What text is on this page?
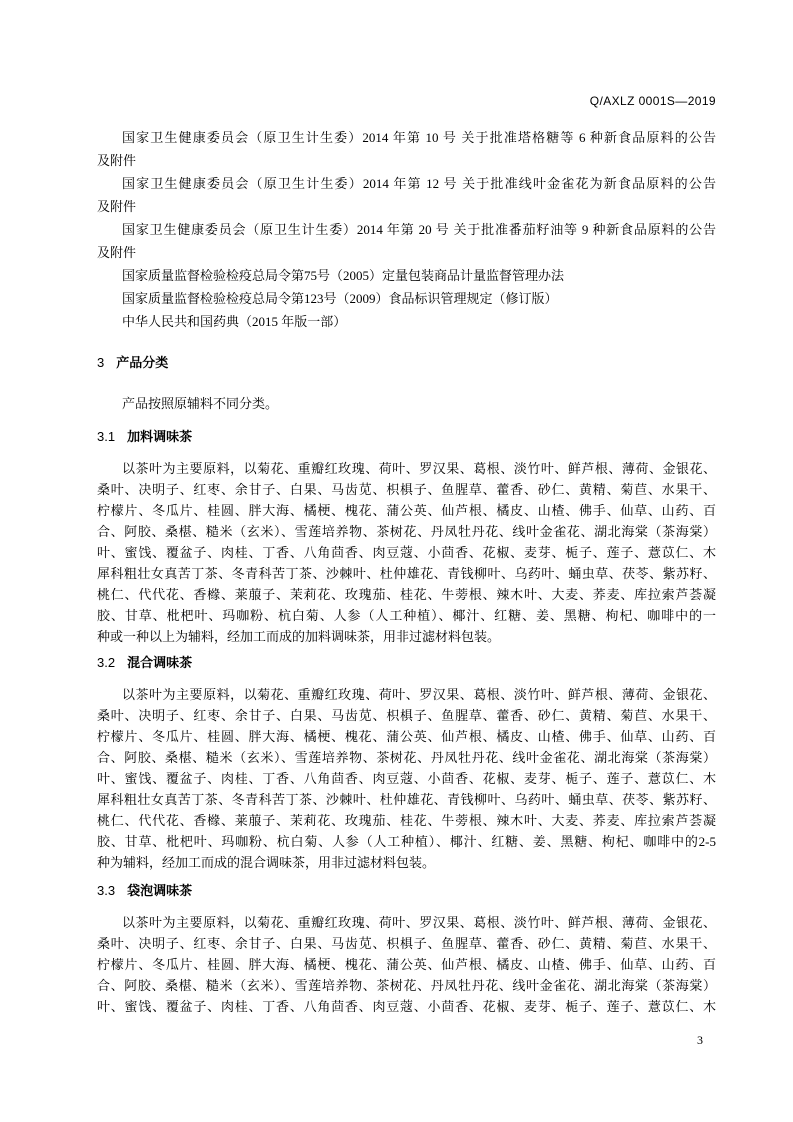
Q/AXLZ 0001S—2019
国家卫生健康委员会（原卫生计生委）2014 年第 10 号 关于批准塔格糖等 6 种新食品原料的公告
及附件
国家卫生健康委员会（原卫生计生委）2014 年第 12 号 关于批准线叶金雀花为新食品原料的公告
及附件
国家卫生健康委员会（原卫生计生委）2014 年第 20 号 关于批准番茄籽油等 9 种新食品原料的公告
及附件
国家质量监督检验检疫总局令第75号（2005）定量包装商品计量监督管理办法
国家质量监督检验检疫总局令第123号（2009）食品标识管理规定（修订版）
中华人民共和国药典（2015 年版一部）
3 产品分类
产品按照原辅料不同分类。
3.1 加料调味茶
以茶叶为主要原料，以菊花、重瓣红玫瑰、荷叶、罗汉果、葛根、淡竹叶、鲜芦根、薄荷、金银花、
桑叶、决明子、红枣、余甘子、白果、马齿苋、枳椇子、鱼腥草、藿香、砂仁、黄精、菊苣、水果干、
柠檬片、冬瓜片、桂圆、胖大海、橘梗、槐花、蒲公英、仙芦根、橘皮、山楂、佛手、仙草、山药、百
合、阿胶、桑椹、糙米（玄米）、雪莲培养物、茶树花、丹凤牡丹花、线叶金雀花、湖北海棠（茶海棠）
叶、蜜饯、覆盆子、肉桂、丁香、八角茴香、肉豆蔻、小茴香、花椒、麦芽、栀子、莲子、薏苡仁、木
犀科粗壮女真苦丁茶、冬青科苦丁茶、沙棘叶、杜仲雄花、青钱柳叶、乌药叶、蛹虫草、茯苓、紫苏籽、
桃仁、代代花、香橼、莱菔子、茉莉花、玫瑰茄、桂花、牛蒡根、辣木叶、大麦、荞麦、库拉索芦荟凝
胶、甘草、枇杷叶、玛咖粉、杭白菊、人参（人工种植）、椰汁、红糖、姜、黑糖、枸杞、咖啡中的一
种或一种以上为辅料，经加工而成的加料调味茶，用非过滤材料包装。
3.2 混合调味茶
以茶叶为主要原料，以菊花、重瓣红玫瑰、荷叶、罗汉果、葛根、淡竹叶、鲜芦根、薄荷、金银花、
桑叶、决明子、红枣、余甘子、白果、马齿苋、枳椇子、鱼腥草、藿香、砂仁、黄精、菊苣、水果干、
柠檬片、冬瓜片、桂圆、胖大海、橘梗、槐花、蒲公英、仙芦根、橘皮、山楂、佛手、仙草、山药、百
合、阿胶、桑椹、糙米（玄米）、雪莲培养物、茶树花、丹凤牡丹花、线叶金雀花、湖北海棠（茶海棠）
叶、蜜饯、覆盆子、肉桂、丁香、八角茴香、肉豆蔻、小茴香、花椒、麦芽、栀子、莲子、薏苡仁、木
犀科粗壮女真苦丁茶、冬青科苦丁茶、沙棘叶、杜仲雄花、青钱柳叶、乌药叶、蛹虫草、茯苓、紫苏籽、
桃仁、代代花、香橼、莱菔子、茉莉花、玫瑰茄、桂花、牛蒡根、辣木叶、大麦、荞麦、库拉索芦荟凝
胶、甘草、枇杷叶、玛咖粉、杭白菊、人参（人工种植）、椰汁、红糖、姜、黑糖、枸杞、咖啡中的2-5
种为辅料，经加工而成的混合调味茶，用非过滤材料包装。
3.3 袋泡调味茶
以茶叶为主要原料，以菊花、重瓣红玫瑰、荷叶、罗汉果、葛根、淡竹叶、鲜芦根、薄荷、金银花、
桑叶、决明子、红枣、余甘子、白果、马齿苋、枳椇子、鱼腥草、藿香、砂仁、黄精、菊苣、水果干、
柠檬片、冬瓜片、桂圆、胖大海、橘梗、槐花、蒲公英、仙芦根、橘皮、山楂、佛手、仙草、山药、百
合、阿胶、桑椹、糙米（玄米）、雪莲培养物、茶树花、丹凤牡丹花、线叶金雀花、湖北海棠（茶海棠）
叶、蜜饯、覆盆子、肉桂、丁香、八角茴香、肉豆蔻、小茴香、花椒、麦芽、栀子、莲子、薏苡仁、木
3
